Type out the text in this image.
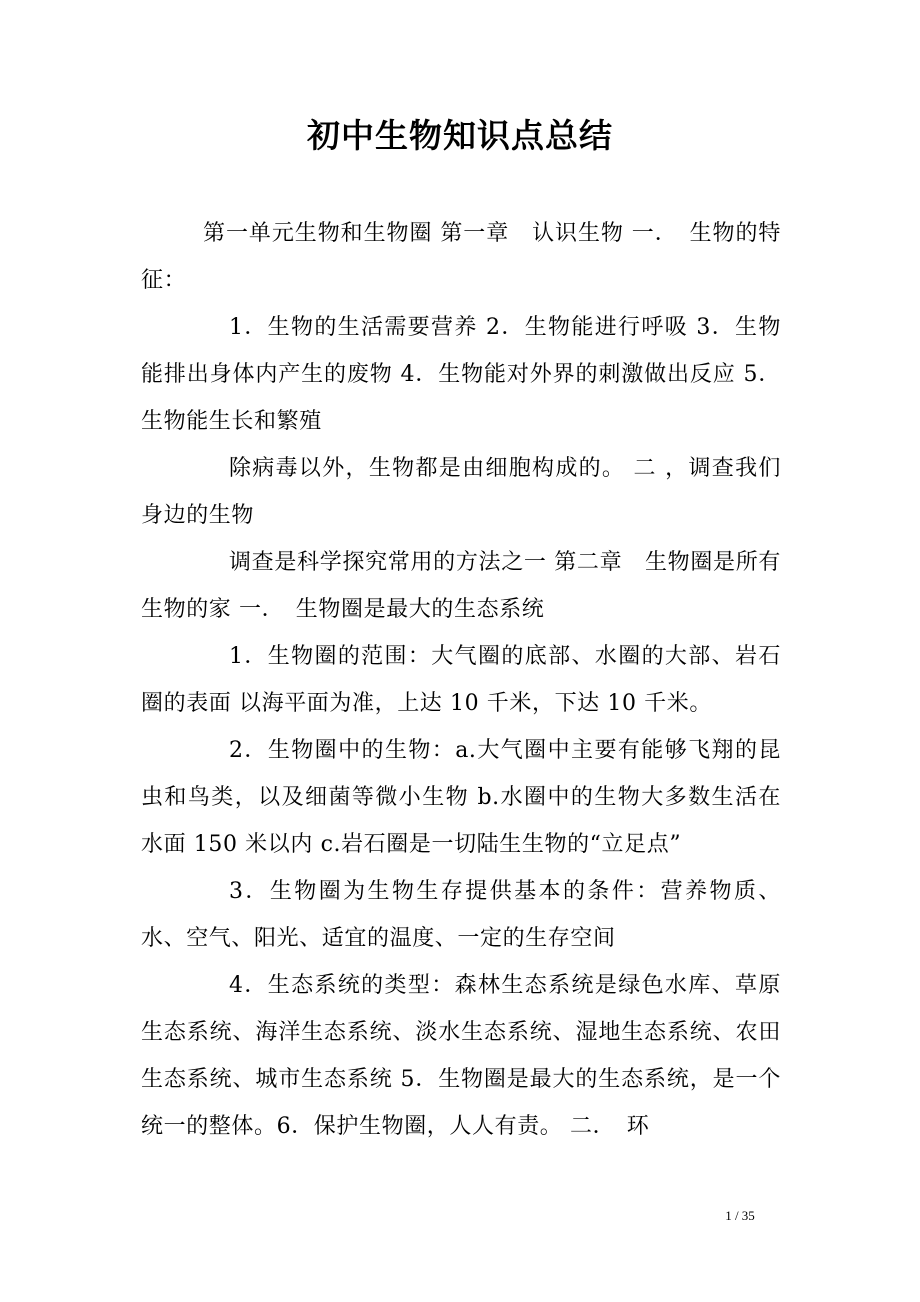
初中生物知识点总结

第一单元生物和生物圈 第一章　认识生物 一．　生物的特征：

1．生物的生活需要营养 2．生物能进行呼吸 3．生物能排出身体内产生的废物 4．生物能对外界的刺激做出反应 5．生物能生长和繁殖

除病毒以外，生物都是由细胞构成的。 二 ，调查我们身边的生物

调查是科学探究常用的方法之一 第二章　生物圈是所有生物的家 一．　生物圈是最大的生态系统

1．生物圈的范围：大气圈的底部、水圈的大部、岩石圈的表面 以海平面为准，上达 10 千米，下达 10 千米。

2．生物圈中的生物：a.大气圈中主要有能够飞翔的昆虫和鸟类，以及细菌等微小生物 b.水圈中的生物大多数生活在水面 150 米以内 c.岩石圈是一切陆生生物的“立足点”

3．生物圈为生物生存提供基本的条件：营养物质、水、空气、阳光、适宜的温度、一定的生存空间

4．生态系统的类型：森林生态系统是绿色水库、草原生态系统、海洋生态系统、淡水生态系统、湿地生态系统、农田生态系统、城市生态系统 5．生物圈是最大的生态系统，是一个统一的整体。6．保护生物圈，人人有责。 二．　环

1 / 35
